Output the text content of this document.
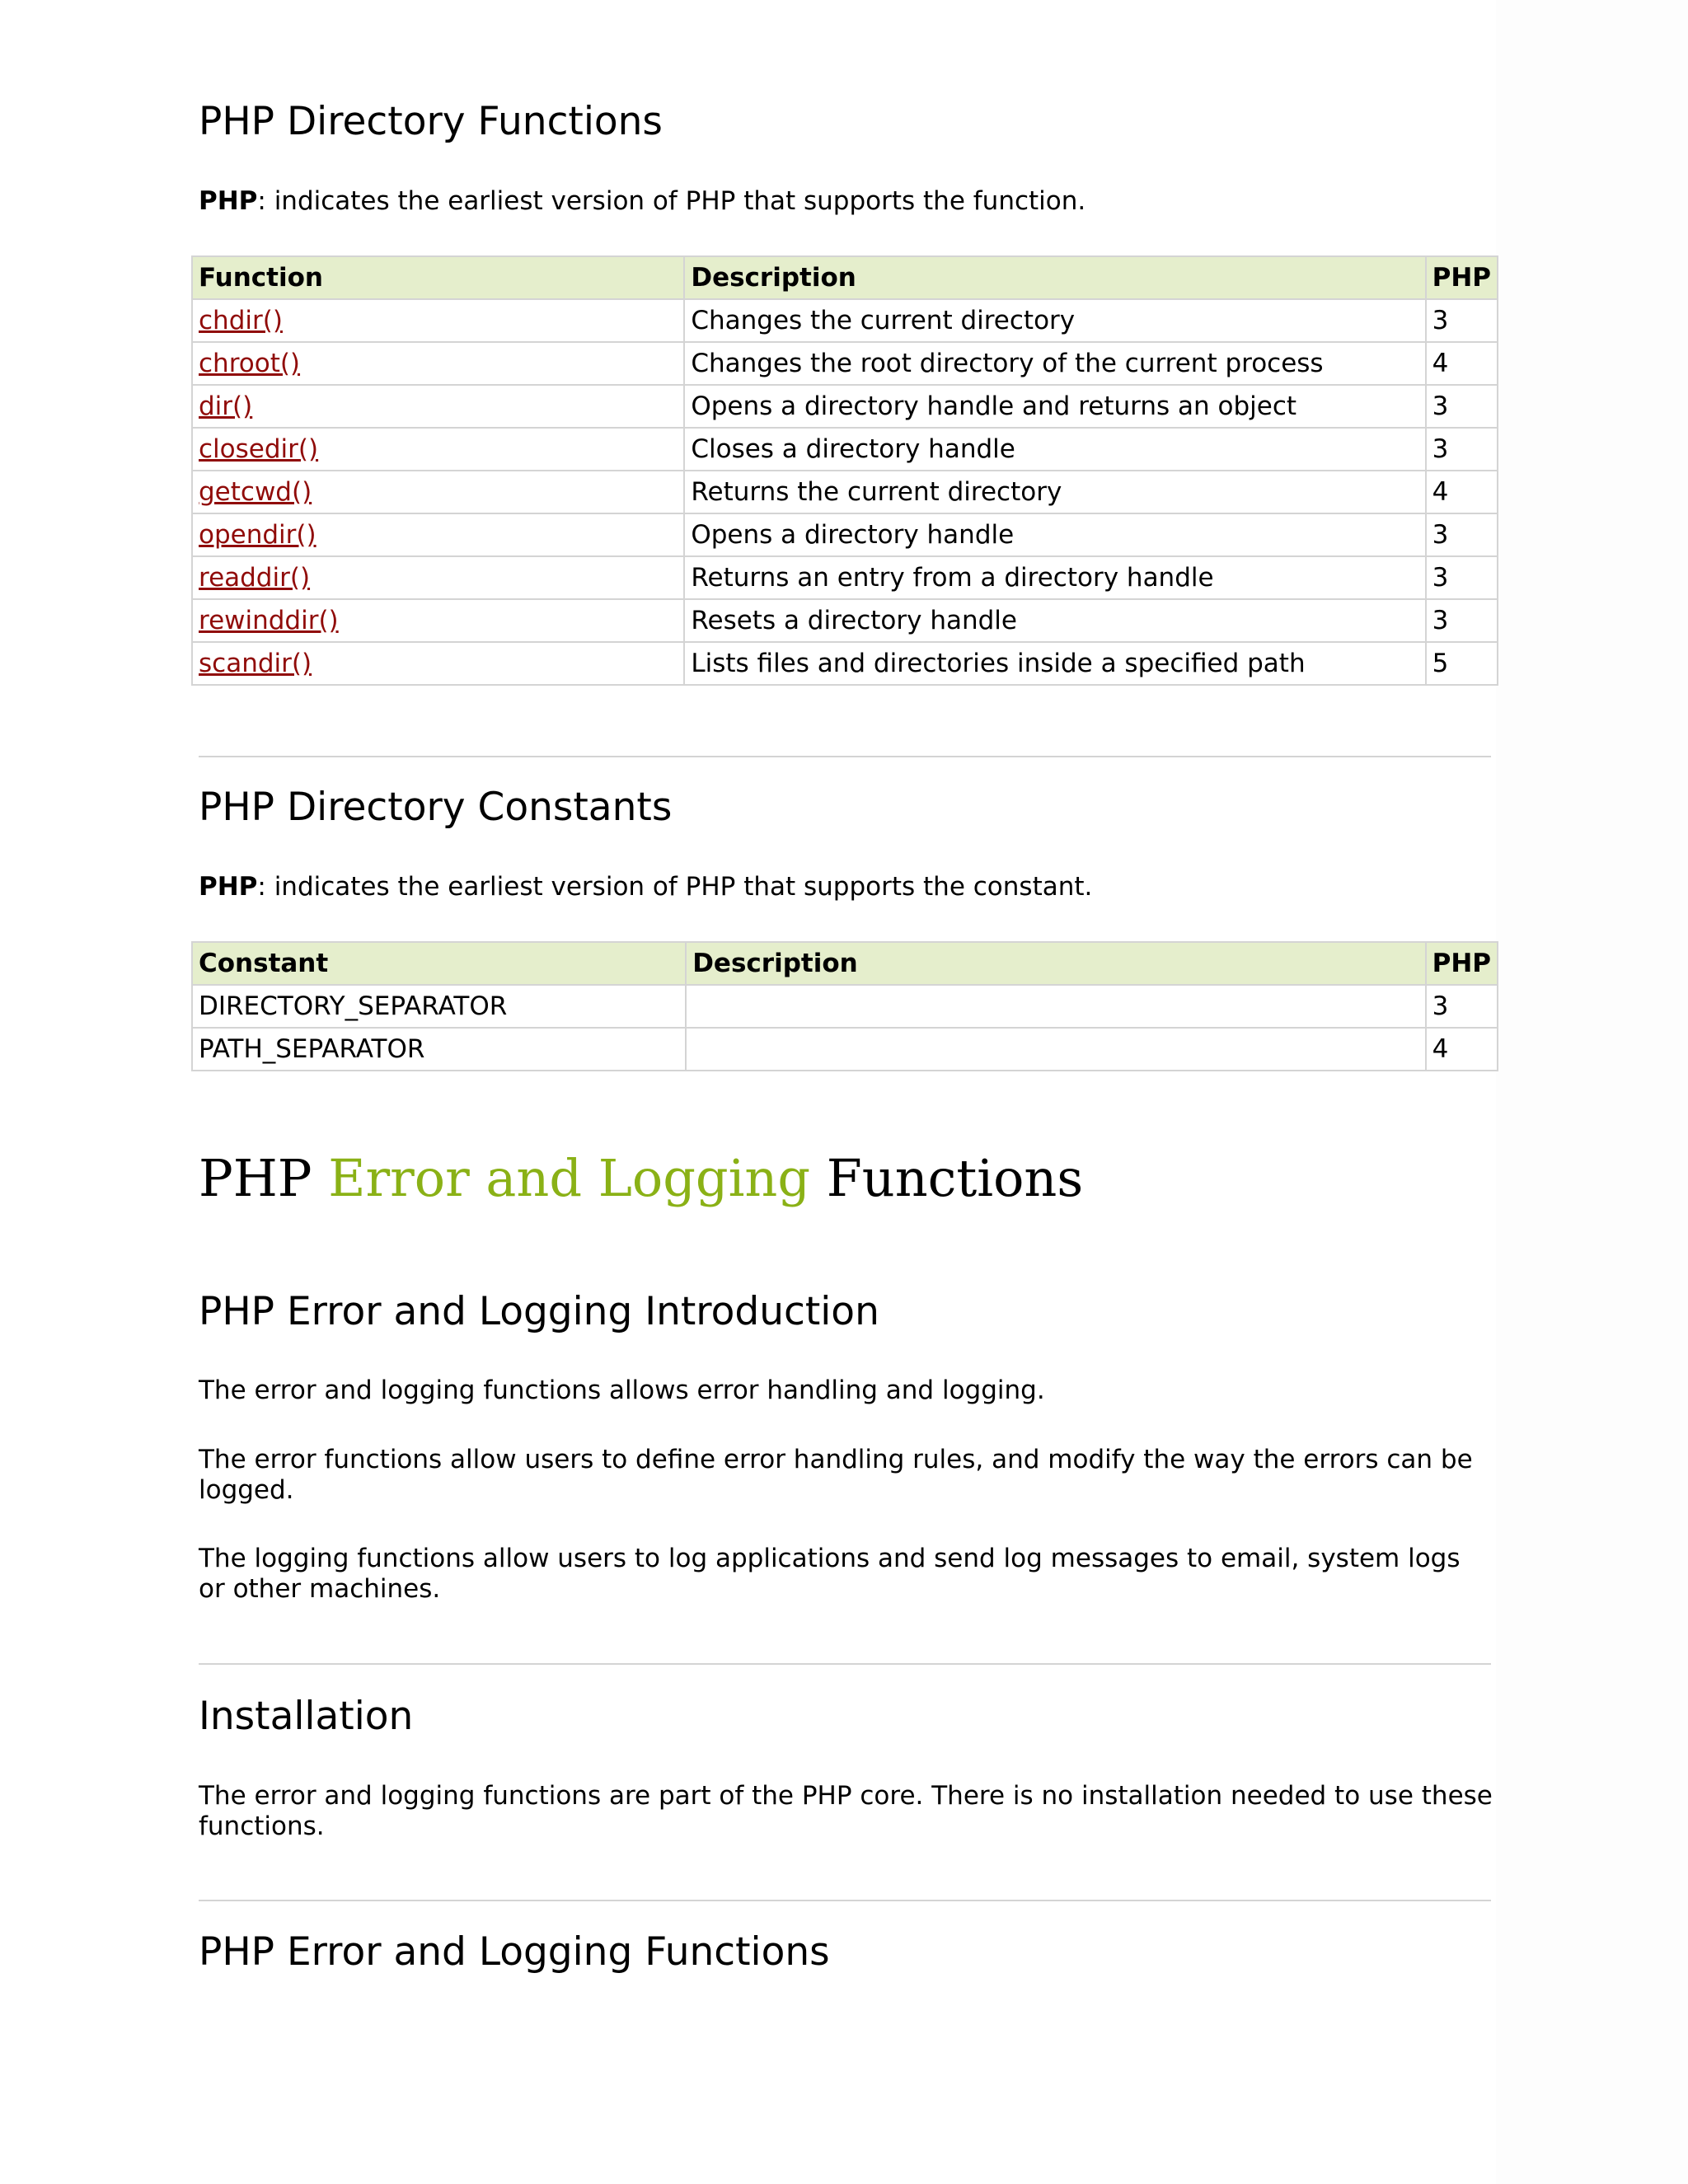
PHP Directory Functions

PHP: indicates the earliest version of PHP that supports the function.

Function	Description	PHP
chdir()	Changes the current directory	3
chroot()	Changes the root directory of the current process	4
dir()	Opens a directory handle and returns an object	3
closedir()	Closes a directory handle	3
getcwd()	Returns the current directory	4
opendir()	Opens a directory handle	3
readdir()	Returns an entry from a directory handle	3
rewinddir()	Resets a directory handle	3
scandir()	Lists files and directories inside a specified path	5
PHP Directory Constants

PHP: indicates the earliest version of PHP that supports the constant.

Constant	Description	PHP
DIRECTORY_SEPARATOR		3
PATH_SEPARATOR		4
PHP Error and Logging Functions
PHP Error and Logging Introduction

The error and logging functions allows error handling and logging.

The error functions allow users to define error handling rules, and modify the way the errors can be logged.

The logging functions allow users to log applications and send log messages to email, system logs or other machines.

Installation

The error and logging functions are part of the PHP core. There is no installation needed to use these functions.

PHP Error and Logging Functions
